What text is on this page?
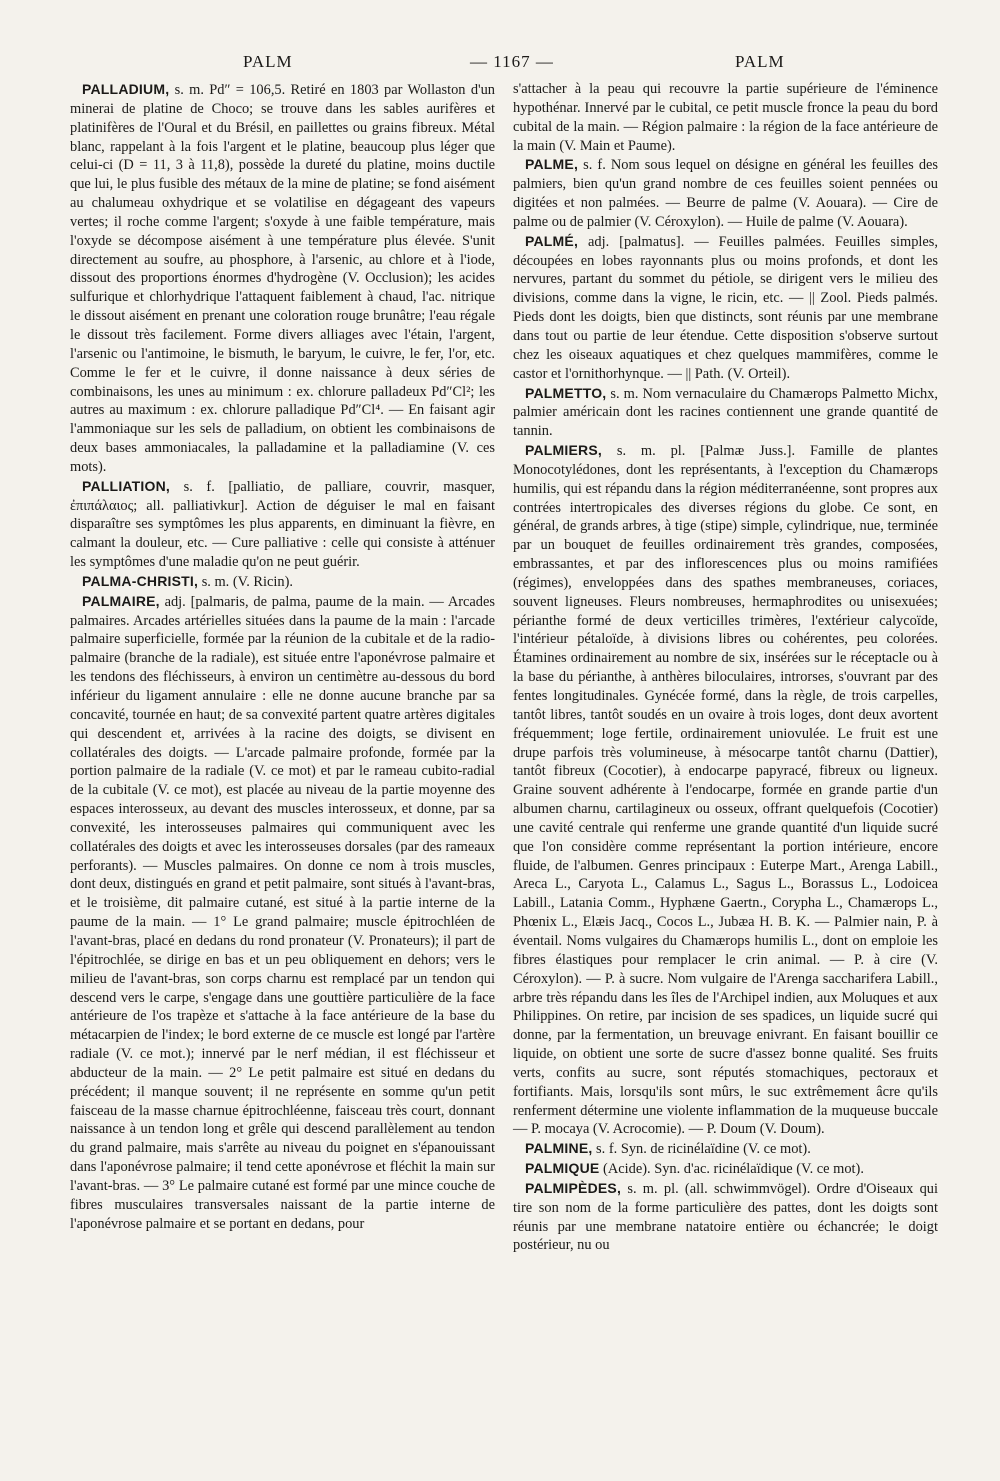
PALM	— 1167 —	PALM

PALLADIUM, s. m. Pd″ = 106,5. Retiré en 1803 par Wollaston d'un minerai de platine de Choco; se trouve dans les sables aurifères et platinifères de l'Oural et du Brésil, en paillettes ou grains fibreux. Métal blanc, rappelant à la fois l'argent et le platine, beaucoup plus léger que celui-ci (D = 11, 3 à 11,8), possède la dureté du platine, moins ductile que lui, le plus fusible des métaux de la mine de platine; se fond aisément au chalumeau oxhydrique et se volatilise en dégageant des vapeurs vertes; il roche comme l'argent; s'oxyde à une faible température, mais l'oxyde se décompose aisément à une température plus élevée. S'unit directement au soufre, au phosphore, à l'arsenic, au chlore et à l'iode, dissout des proportions énormes d'hydrogène (V. Occlusion); les acides sulfurique et chlorhydrique l'attaquent faiblement à chaud, l'ac. nitrique le dissout aisément en prenant une coloration rouge brunâtre; l'eau régale le dissout très facilement. Forme divers alliages avec l'étain, l'argent, l'arsenic ou l'antimoine, le bismuth, le baryum, le cuivre, le fer, l'or, etc. Comme le fer et le cuivre, il donne naissance à deux séries de combinaisons, les unes au minimum : ex. chlorure palladeux Pd″Cl²; les autres au maximum : ex. chlorure palladique Pd″Cl⁴. — En faisant agir l'ammoniaque sur les sels de palladium, on obtient les combinaisons de deux bases ammoniacales, la palladamine et la palladiamine (V. ces mots).

PALLIATION, s. f. [palliatio, de palliare, couvrir, masquer, ἐπιπάλαιος; all. palliativkur]. Action de déguiser le mal en faisant disparaître ses symptômes les plus apparents, en diminuant la fièvre, en calmant la douleur, etc. — Cure palliative : celle qui consiste à atténuer les symptômes d'une maladie qu'on ne peut guérir.

PALMA-CHRISTI, s. m. (V. Ricin).

PALMAIRE, adj. [palmaris, de palma, paume de la main. — Arcades palmaires. Arcades artérielles situées dans la paume de la main : l'arcade palmaire superficielle, formée par la réunion de la cubitale et de la radio-palmaire (branche de la radiale), est située entre l'aponévrose palmaire et les tendons des fléchisseurs, à environ un centimètre au-dessous du bord inférieur du ligament annulaire : elle ne donne aucune branche par sa concavité, tournée en haut; de sa convexité partent quatre artères digitales qui descendent et, arrivées à la racine des doigts, se divisent en collatérales des doigts. — L'arcade palmaire profonde, formée par la portion palmaire de la radiale (V. ce mot) et par le rameau cubito-radial de la cubitale (V. ce mot), est placée au niveau de la partie moyenne des espaces interosseux, au devant des muscles interosseux, et donne, par sa convexité, les interosseuses palmaires qui communiquent avec les collatérales des doigts et avec les interosseuses dorsales (par des rameaux perforants). — Muscles palmaires. On donne ce nom à trois muscles, dont deux, distingués en grand et petit palmaire, sont situés à l'avant-bras, et le troisième, dit palmaire cutané, est situé à la partie interne de la paume de la main. — 1° Le grand palmaire; muscle épitrochléen de l'avant-bras, placé en dedans du rond pronateur (V. Pronateurs); il part de l'épitrochlée, se dirige en bas et un peu obliquement en dehors; vers le milieu de l'avant-bras, son corps charnu est remplacé par un tendon qui descend vers le carpe, s'engage dans une gouttière particulière de la face antérieure de l'os trapèze et s'attache à la face antérieure de la base du métacarpien de l'index; le bord externe de ce muscle est longé par l'artère radiale (V. ce mot.); innervé par le nerf médian, il est fléchisseur et abducteur de la main. — 2° Le petit palmaire est situé en dedans du précédent; il manque souvent; il ne représente en somme qu'un petit faisceau de la masse charnue épitrochléenne, faisceau très court, donnant naissance à un tendon long et grêle qui descend parallèlement au tendon du grand palmaire, mais s'arrête au niveau du poignet en s'épanouissant dans l'aponévrose palmaire; il tend cette aponévrose et fléchit la main sur l'avant-bras. — 3° Le palmaire cutané est formé par une mince couche de fibres musculaires transversales naissant de la partie interne de l'aponévrose palmaire et se portant en dedans, pour

s'attacher à la peau qui recouvre la partie supérieure de l'éminence hypothénar. Innervé par le cubital, ce petit muscle fronce la peau du bord cubital de la main. — Région palmaire : la région de la face antérieure de la main (V. Main et Paume).

PALME, s. f. Nom sous lequel on désigne en général les feuilles des palmiers, bien qu'un grand nombre de ces feuilles soient pennées ou digitées et non palmées. — Beurre de palme (V. Aouara). — Cire de palme ou de palmier (V. Céroxylon). — Huile de palme (V. Aouara).

PALMÉ, adj. [palmatus]. — Feuilles palmées. Feuilles simples, découpées en lobes rayonnants plus ou moins profonds, et dont les nervures, partant du sommet du pétiole, se dirigent vers le milieu des divisions, comme dans la vigne, le ricin, etc. — || Zool. Pieds palmés. Pieds dont les doigts, bien que distincts, sont réunis par une membrane dans tout ou partie de leur étendue. Cette disposition s'observe surtout chez les oiseaux aquatiques et chez quelques mammifères, comme le castor et l'ornithorhynque. — || Path. (V. Orteil).

PALMETTO, s. m. Nom vernaculaire du Chamærops Palmetto Michx, palmier américain dont les racines contiennent une grande quantité de tannin.

PALMIERS, s. m. pl. [Palmæ Juss.]. Famille de plantes Monocotylédones, dont les représentants, à l'exception du Chamærops humilis, qui est répandu dans la région méditerranéenne, sont propres aux contrées intertropicales des diverses régions du globe. Ce sont, en général, de grands arbres, à tige (stipe) simple, cylindrique, nue, terminée par un bouquet de feuilles ordinairement très grandes, composées, embrassantes, et par des inflorescences plus ou moins ramifiées (régimes), enveloppées dans des spathes membraneuses, coriaces, souvent ligneuses. Fleurs nombreuses, hermaphrodites ou unisexuées; périanthe formé de deux verticilles trimères, l'extérieur calycoïde, l'intérieur pétaloïde, à divisions libres ou cohérentes, peu colorées. Étamines ordinairement au nombre de six, insérées sur le réceptacle ou à la base du périanthe, à anthères biloculaires, introrses, s'ouvrant par des fentes longitudinales. Gynécée formé, dans la règle, de trois carpelles, tantôt libres, tantôt soudés en un ovaire à trois loges, dont deux avortent fréquemment; loge fertile, ordinairement uniovulée. Le fruit est une drupe parfois très volumineuse, à mésocarpe tantôt charnu (Dattier), tantôt fibreux (Cocotier), à endocarpe papyracé, fibreux ou ligneux. Graine souvent adhérente à l'endocarpe, formée en grande partie d'un albumen charnu, cartilagineux ou osseux, offrant quelquefois (Cocotier) une cavité centrale qui renferme une grande quantité d'un liquide sucré que l'on considère comme représentant la portion intérieure, encore fluide, de l'albumen. Genres principaux : Euterpe Mart., Arenga Labill., Areca L., Caryota L., Calamus L., Sagus L., Borassus L., Lodoicea Labill., Latania Comm., Hyphæne Gaertn., Corypha L., Chamærops L., Phœnix L., Elæis Jacq., Cocos L., Jubæa H. B. K. — Palmier nain, P. à éventail. Noms vulgaires du Chamærops humilis L., dont on emploie les fibres élastiques pour remplacer le crin animal. — P. à cire (V. Céroxylon). — P. à sucre. Nom vulgaire de l'Arenga saccharifera Labill., arbre très répandu dans les îles de l'Archipel indien, aux Moluques et aux Philippines. On retire, par incision de ses spadices, un liquide sucré qui donne, par la fermentation, un breuvage enivrant. En faisant bouillir ce liquide, on obtient une sorte de sucre d'assez bonne qualité. Ses fruits verts, confits au sucre, sont réputés stomachiques, pectoraux et fortifiants. Mais, lorsqu'ils sont mûrs, le suc extrêmement âcre qu'ils renferment détermine une violente inflammation de la muqueuse buccale — P. mocaya (V. Acrocomie). — P. Doum (V. Doum).

PALMINE, s. f. Syn. de ricinélaïdine (V. ce mot).

PALMIQUE (Acide). Syn. d'ac. ricinélaïdique (V. ce mot).

PALMIPÈDES, s. m. pl. (all. schwimmvögel). Ordre d'Oiseaux qui tire son nom de la forme particulière des pattes, dont les doigts sont réunis par une membrane natatoire entière ou échancrée; le doigt postérieur, nu ou
